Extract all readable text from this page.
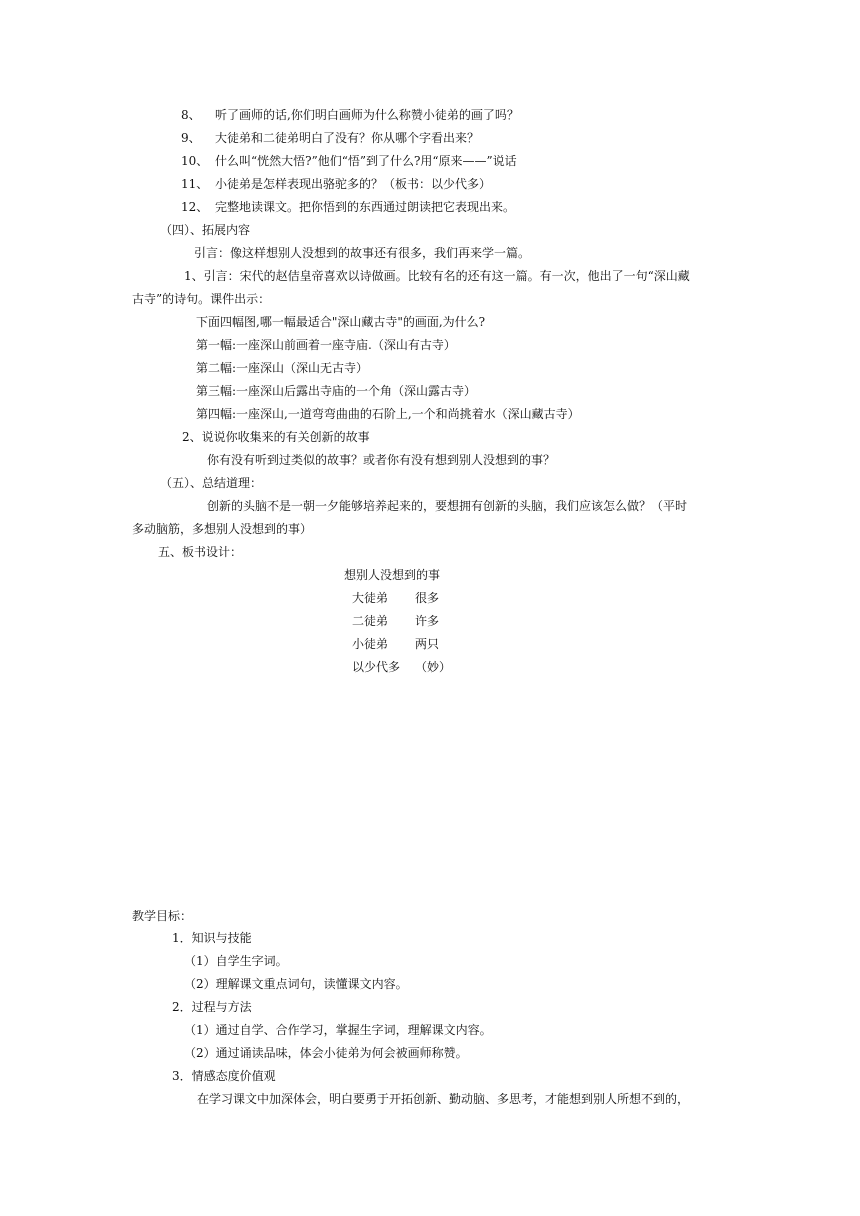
8、 听了画师的话,你们明白画师为什么称赞小徒弟的画了吗？
9、 大徒弟和二徒弟明白了没有？你从哪个字看出来？
10、 什么叫“恍然大悟?”他们“悟”到了什么?用“原来——”说话
11、 小徒弟是怎样表现出骆驼多的？（板书：以少代多）
12、 完整地读课文。把你悟到的东西通过朗读把它表现出来。
（四）、拓展内容
引言：像这样想别人没想到的故事还有很多，我们再来学一篇。
1、引言：宋代的赵佶皇帝喜欢以诗做画。比较有名的还有这一篇。有一次，他出了一句“深山藏
古寺”的诗句。课件出示：
下面四幅图,哪一幅最适合"深山藏古寺"的画面,为什么?
第一幅:一座深山前画着一座寺庙.（深山有古寺）
第二幅:一座深山（深山无古寺）
第三幅:一座深山后露出寺庙的一个角（深山露古寺）
第四幅:一座深山,一道弯弯曲曲的石阶上,一个和尚挑着水（深山藏古寺）
2、说说你收集来的有关创新的故事
你有没有听到过类似的故事？或者你有没有想到别人没想到的事？
（五）、总结道理：
创新的头脑不是一朝一夕能够培养起来的，要想拥有创新的头脑，我们应该怎么做？（平时
多动脑筋，多想别人没想到的事）
五、板书设计：
想别人没想到的事
大徒弟 很多
二徒弟 许多
小徒弟 两只
以少代多 （妙）
教学目标：
1．知识与技能
（1）自学生字词。
（2）理解课文重点词句，读懂课文内容。
2．过程与方法
（1）通过自学、合作学习，掌握生字词，理解课文内容。
（2）通过诵读品味，体会小徒弟为何会被画师称赞。
3．情感态度价值观
在学习课文中加深体会，明白要勇于开拓创新、勤动脑、多思考，才能想到别人所想不到的，
